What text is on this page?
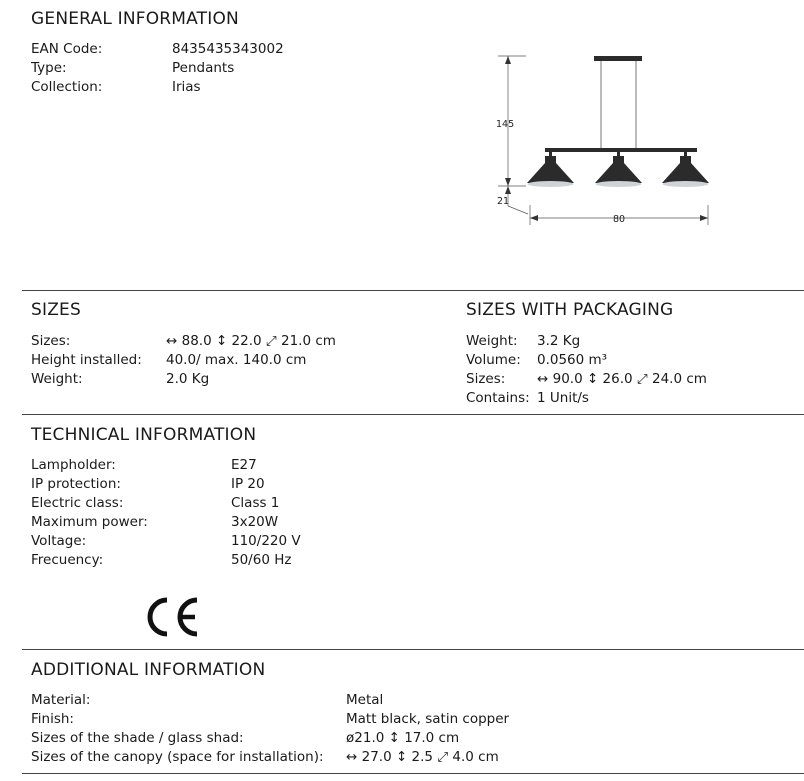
GENERAL INFORMATION
EAN Code:	8435435343002
Type:	Pendants
Collection:	Irias
145
21
80
SIZES
Sizes:	↔ 88.0 ↕ 22.0 ⤢ 21.0 cm
Height installed: 40.0/ max. 140.0 cm
Weight:	2.0 Kg
SIZES WITH PACKAGING
Weight: 3.2 Kg
Volume: 0.0560 m³
Sizes: ↔ 90.0 ↕ 26.0 ⤢ 24.0 cm
Contains: 1 Unit/s
TECHNICAL INFORMATION
Lampholder:	E27
IP protection:	IP 20
Electric class:	Class 1
Maximum power:	3x20W
Voltage:	110/220 V
Frecuency:	50/60 Hz
ADDITIONAL INFORMATION
Material:	Metal
Finish:	Matt black, satin copper
Sizes of the shade / glass shad:	ø21.0 ↕ 17.0 cm
Sizes of the canopy (space for installation): ↔ 27.0 ↕ 2.5 ⤢ 4.0 cm
